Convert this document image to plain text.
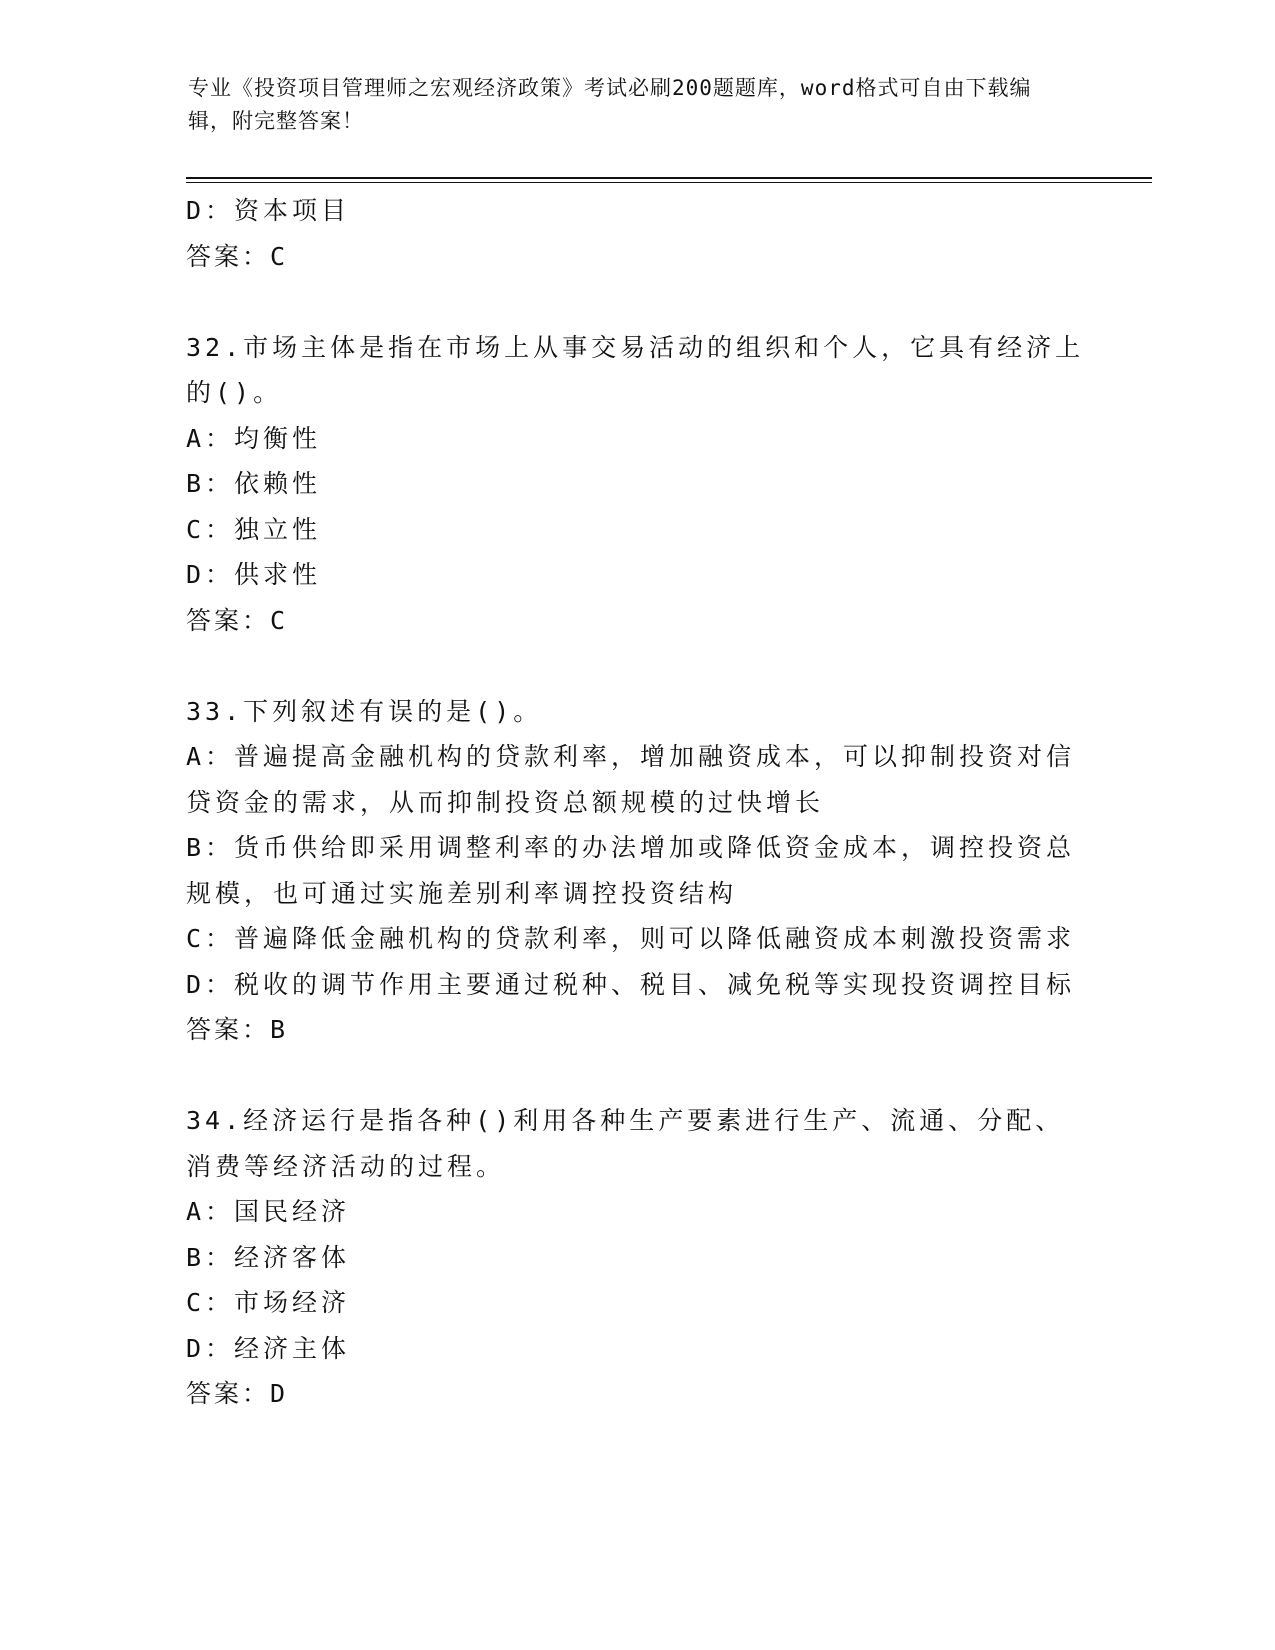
专业《投资项目管理师之宏观经济政策》考试必刷200题题库，word格式可自由下载编辑，附完整答案！
D：资本项目
答案：C
32.市场主体是指在市场上从事交易活动的组织和个人，它具有经济上的()。
A：均衡性
B：依赖性
C：独立性
D：供求性
答案：C
33.下列叙述有误的是()。
A：普遍提高金融机构的贷款利率，增加融资成本，可以抑制投资对信贷资金的需求，从而抑制投资总额规模的过快增长
B：货币供给即采用调整利率的办法增加或降低资金成本，调控投资总规模，也可通过实施差别利率调控投资结构
C：普遍降低金融机构的贷款利率，则可以降低融资成本刺激投资需求
D：税收的调节作用主要通过税种、税目、减免税等实现投资调控目标
答案：B
34.经济运行是指各种()利用各种生产要素进行生产、流通、分配、消费等经济活动的过程。
A：国民经济
B：经济客体
C：市场经济
D：经济主体
答案：D
